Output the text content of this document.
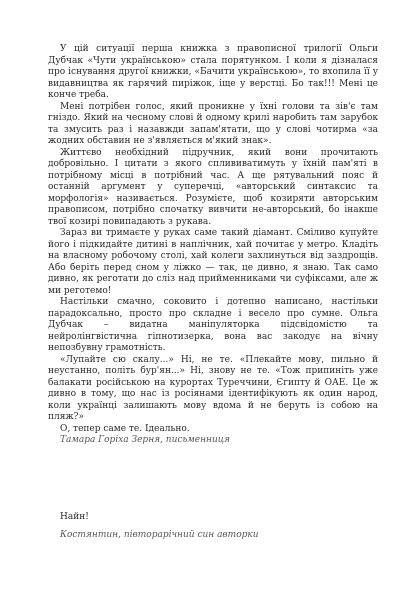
У цій ситуації перша книжка з правописної трилогії Ольги Дубчак «Чути українською» стала порятунком. І коли я дізналася про існування другої книжки, «Бачити українською», то вхопила її у видавництва як гарячий пиріжок, іще у верстці. Бо так!!! Мені це конче треба.

Мені потрібен голос, який проникне у їхні голови та зів'є там гніздо. Який на чесному слові й одному крилі наробить там зарубок та змусить раз і назавжди запам'ятати, що у слові чотирма «за жодних обставин не з'являється м'який знак».

Життєво необхідний підручник, який вони прочитають добровільно. І цитати з якого сплививатимуть у їхній пам'яті в потрібному місці в потрібний час. А ще рятувальний пояс й останній аргумент у суперечці, «авторський синтаксис та морфологія» називається. Розумієте, щоб козиряти авторським правописом, потрібно спочатку вивчити не-авторський, бо інакше твої козирі повипадають з рукава.

Зараз ви тримаєте у руках саме такий діамант. Сміливо купуйте його і підкидайте дитині в наплічник, хай почитає у метро. Кладіть на власному робочому столі, хай колеги захлинуться від заздрощів. Або беріть перед сном у ліжко — так, це дивно, я знаю. Так само дивно, як реготати до сліз над прийменниками чи суфіксами, але ж ми реготемо!

Настільки смачно, соковито і дотепно написано, настільки парадоксально, просто про складне і весело про сумне. Ольга Дубчак – видатна маніпуляторка підсвідомістю та нейролінгвістична гіпнотизерка, вона вас закодує на вічну непозбувну грамотність.

«Лупайте сю скалу...» Ні, не те. «Плекайте мову, пильно й неустанно, політь бур'ян...» Ні, знову не те. «Тож припиніть уже балакати російською на курортах Туреччини, Єгипту й ОАЕ. Це ж дивно в тому, що нас із росіянами ідентифікують як один народ, коли українці залишають мову вдома й не беруть із собою на пляж?»

О, тепер саме те. Ідеально.

Тамара Горіха Зерня, письменниця

Найн!

Костянтин, півторарічний син авторки
